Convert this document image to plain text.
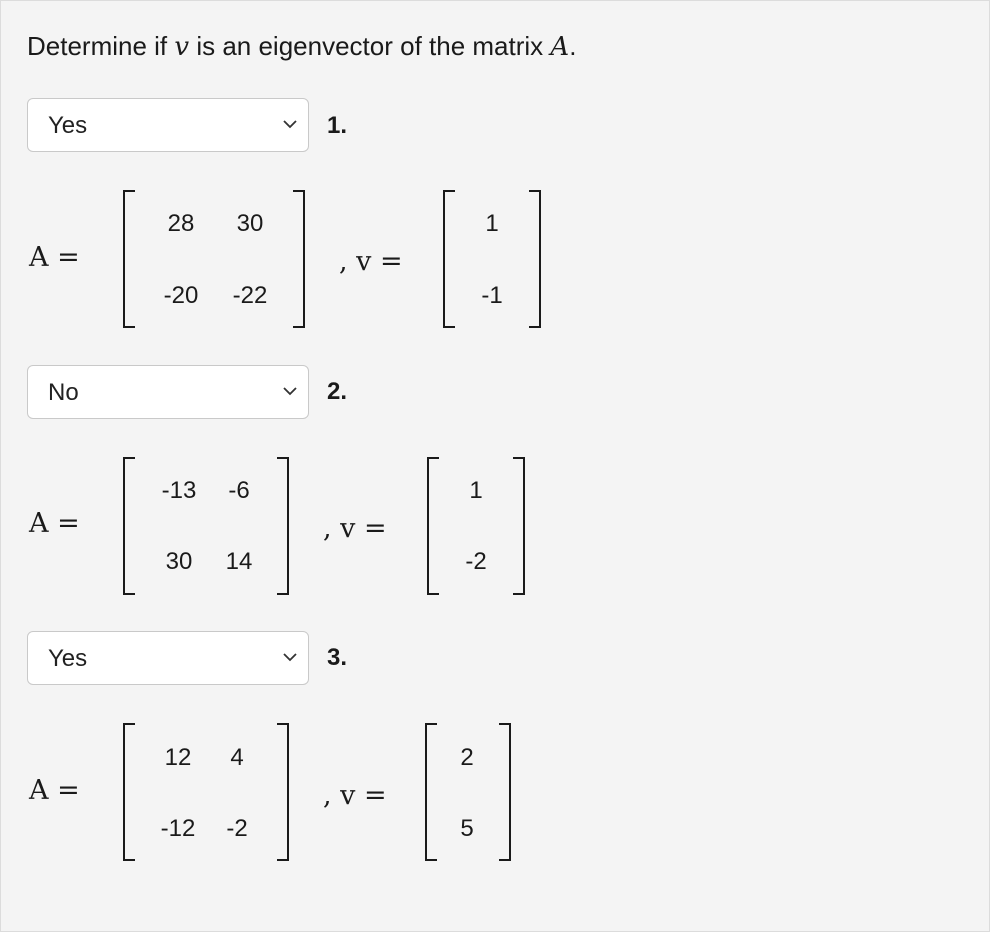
Determine if v is an eigenvector of the matrix A.
Yes	1.
A =
28 30
-20 -22
, v =
1
-1
No	2.
A =
-13 -6
30 14
, v =
1
-2
Yes	3.
A =
12 4
-12 -2
, v =
2
5
